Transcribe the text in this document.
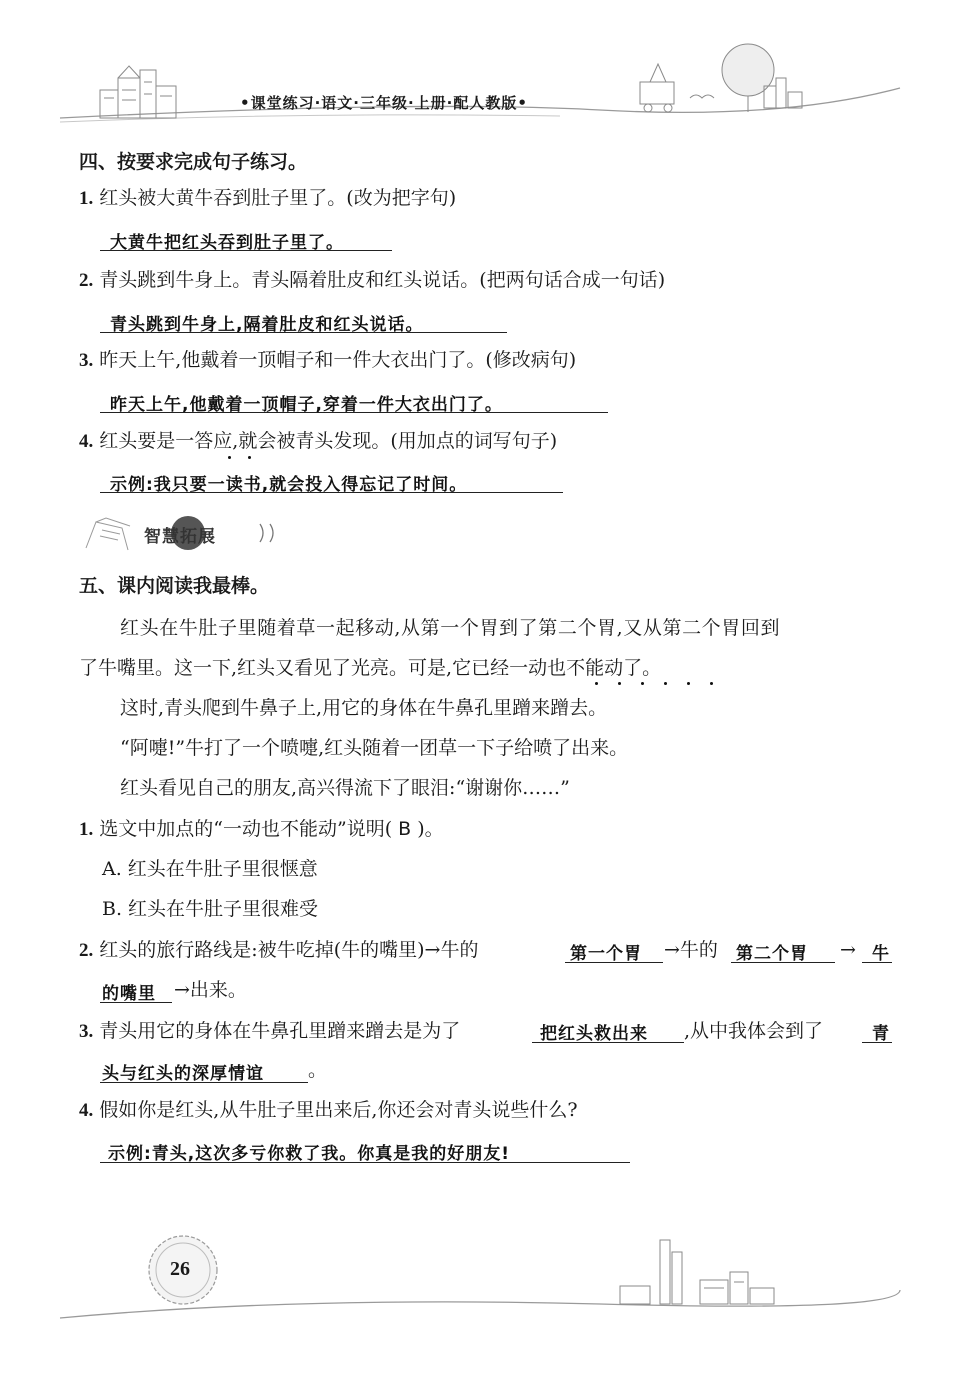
•课堂练习·语文·三年级·上册·配人教版•
四、按要求完成句子练习。
1. 红头被大黄牛吞到肚子里了。(改为把字句)
大黄牛把红头吞到肚子里了。
2. 青头跳到牛身上。青头隔着肚皮和红头说话。(把两句话合成一句话)
青头跳到牛身上,隔着肚皮和红头说话。
3. 昨天上午,他戴着一顶帽子和一件大衣出门了。(修改病句)
昨天上午,他戴着一顶帽子,穿着一件大衣出门了。
4. 红头要是一答应,就会被青头发现。(用加点的词写句子)
示例:我只要一读书,就会投入得忘记了时间。
智慧拓展
五、课内阅读我最棒。
红头在牛肚子里随着草一起移动,从第一个胃到了第二个胃,又从第二个胃回到
了牛嘴里。这一下,红头又看见了光亮。可是,它已经一动也不能动了。
这时,青头爬到牛鼻子上,用它的身体在牛鼻孔里蹭来蹭去。
“阿嚏!”牛打了一个喷嚏,红头随着一团草一下子给喷了出来。
红头看见自己的朋友,高兴得流下了眼泪:“谢谢你……”
1. 选文中加点的“一动也不能动”说明( B )。
A. 红头在牛肚子里很惬意
B. 红头在牛肚子里很难受
2. 红头的旅行路线是:被牛吃掉(牛的嘴里)→牛的	第一个胃 →牛的 第二个胃 → 牛
的嘴里 →出来。
3. 青头用它的身体在牛鼻孔里蹭来蹭去是为了	把红头救出来 ,从中我体会到了	青
头与红头的深厚情谊 。
4. 假如你是红头,从牛肚子里出来后,你还会对青头说些什么?
示例:青头,这次多亏你救了我。你真是我的好朋友!
26
